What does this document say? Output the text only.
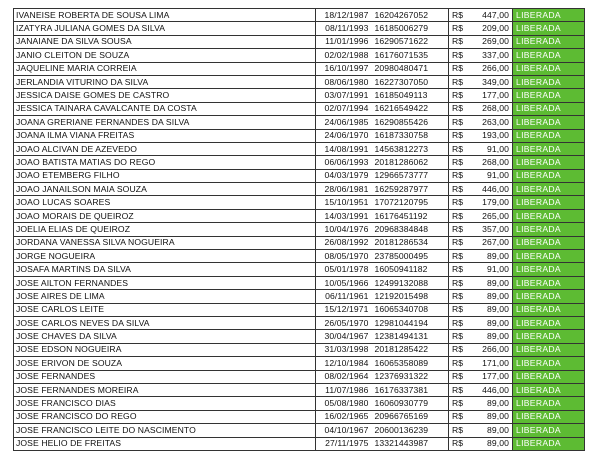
IVANEISE ROBERTA DE SOUSA LIMA	18/12/1987	16204267052	R$	447,00	LIBERADA
IZATYRA JULIANA GOMES DA SILVA	08/11/1993	16185006279	R$	209,00	LIBERADA
JANAIANE DA SILVA SOUSA	11/01/1996	16290571622	R$	269,00	LIBERADA
JANIO CLEITON DE SOUZA	02/02/1988	16176071535	R$	337,00	LIBERADA
JAQUELINE MARIA CORREIA	16/10/1997	20980480471	R$	266,00	LIBERADA
JERLANDIA VITURINO DA SILVA	08/06/1980	16227307050	R$	349,00	LIBERADA
JESSICA DAISE GOMES DE CASTRO	03/07/1991	16185049113	R$	177,00	LIBERADA
JESSICA TAINARA CAVALCANTE DA COSTA	02/07/1994	16216549422	R$	268,00	LIBERADA
JOANA GRERIANE FERNANDES DA SILVA	24/06/1985	16290855426	R$	263,00	LIBERADA
JOANA ILMA VIANA FREITAS	24/06/1970	16187330758	R$	193,00	LIBERADA
JOAO ALCIVAN DE AZEVEDO	14/08/1991	14563812273	R$	91,00	LIBERADA
JOAO BATISTA MATIAS DO REGO	06/06/1993	20181286062	R$	268,00	LIBERADA
JOAO ETEMBERG FILHO	04/03/1979	12966573777	R$	91,00	LIBERADA
JOAO JANAILSON MAIA SOUZA	28/06/1981	16259287977	R$	446,00	LIBERADA
JOAO LUCAS SOARES	15/10/1951	17072120795	R$	179,00	LIBERADA
JOAO MORAIS DE QUEIROZ	14/03/1991	16176451192	R$	265,00	LIBERADA
JOELIA ELIAS DE QUEIROZ	10/04/1976	20968384848	R$	357,00	LIBERADA
JORDANA VANESSA SILVA NOGUEIRA	26/08/1992	20181286534	R$	267,00	LIBERADA
JORGE NOGUEIRA	08/05/1970	23785000495	R$	89,00	LIBERADA
JOSAFA MARTINS DA SILVA	05/01/1978	16050941182	R$	91,00	LIBERADA
JOSE AILTON FERNANDES	10/05/1966	12499132088	R$	89,00	LIBERADA
JOSE AIRES DE LIMA	06/11/1961	12192015498	R$	89,00	LIBERADA
JOSE CARLOS LEITE	15/12/1971	16065340708	R$	89,00	LIBERADA
JOSE CARLOS NEVES DA SILVA	26/05/1970	12981044194	R$	89,00	LIBERADA
JOSE CHAVES DA SILVA	30/04/1967	12381494131	R$	89,00	LIBERADA
JOSE EDSON NOGUEIRA	31/03/1998	20181285422	R$	266,00	LIBERADA
JOSE ERIVON DE SOUZA	12/10/1984	16065358089	R$	171,00	LIBERADA
JOSE FERNANDES	08/02/1964	12376931322	R$	177,00	LIBERADA
JOSE FERNANDES MOREIRA	11/07/1986	16176337381	R$	446,00	LIBERADA
JOSE FRANCISCO DIAS	05/08/1980	16060930779	R$	89,00	LIBERADA
JOSE FRANCISCO DO REGO	16/02/1965	20966765169	R$	89,00	LIBERADA
JOSE FRANCISCO LEITE DO NASCIMENTO	04/10/1967	20600136239	R$	89,00	LIBERADA
JOSE HELIO DE FREITAS	27/11/1975	13321443987	R$	89,00	LIBERADA
